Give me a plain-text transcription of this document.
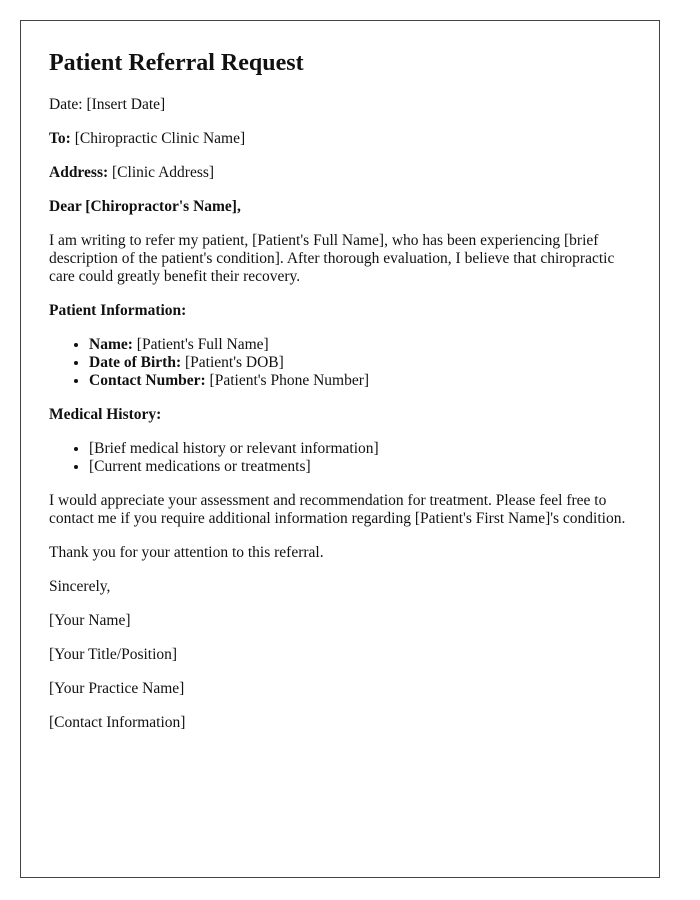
Patient Referral Request

Date: [Insert Date]

To: [Chiropractic Clinic Name]

Address: [Clinic Address]

Dear [Chiropractor's Name],

I am writing to refer my patient, [Patient's Full Name], who has been experiencing [brief description of the patient's condition]. After thorough evaluation, I believe that chiropractic care could greatly benefit their recovery.

Patient Information:

• Name: [Patient's Full Name]
• Date of Birth: [Patient's DOB]
• Contact Number: [Patient's Phone Number]

Medical History:

• [Brief medical history or relevant information]
• [Current medications or treatments]

I would appreciate your assessment and recommendation for treatment. Please feel free to contact me if you require additional information regarding [Patient's First Name]'s condition.

Thank you for your attention to this referral.

Sincerely,

[Your Name]

[Your Title/Position]

[Your Practice Name]

[Contact Information]
